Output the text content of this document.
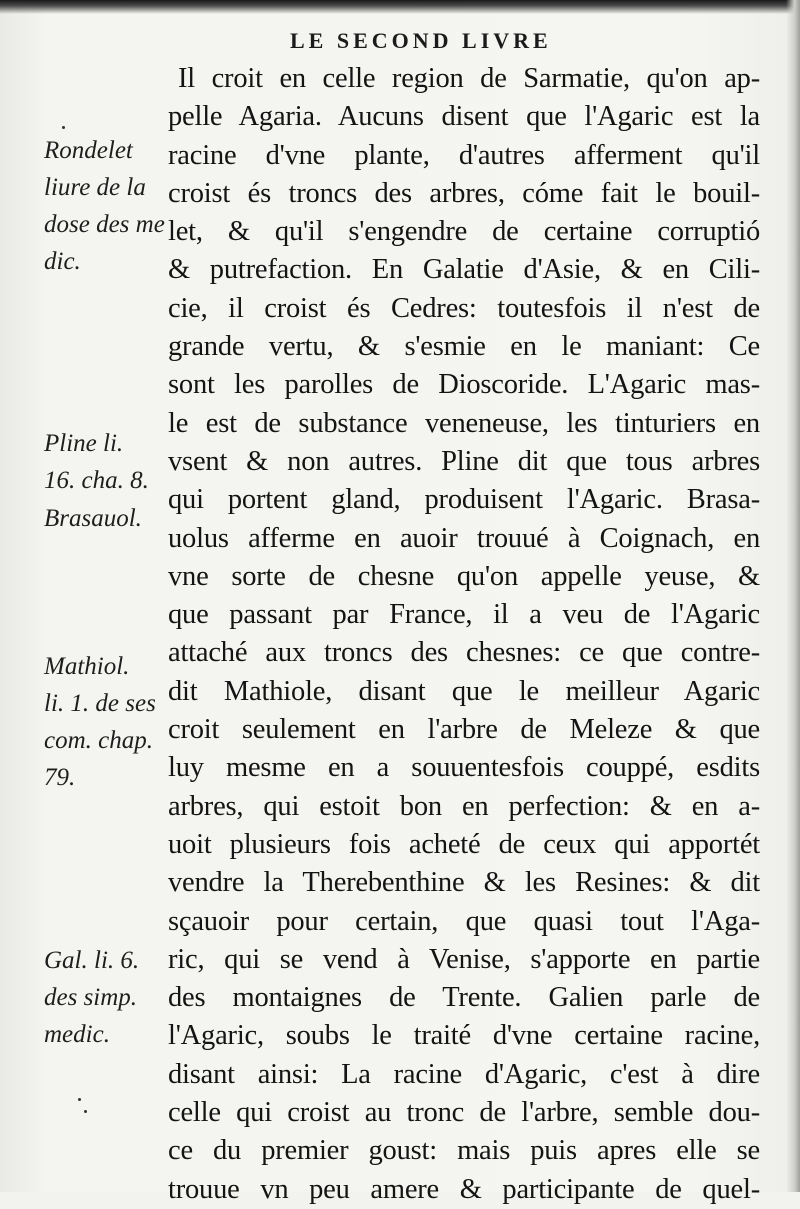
LE SECOND LIVRE
Il croit en celle region de Sarmatie, qu'on ap-
pelle Agaria. Aucuns disent que l'Agaric est la
racine d'vne plante, d'autres afferment qu'il
croist és troncs des arbres, cóme fait le bouil-
let, & qu'il s'engendre de certaine corruptió
& putrefaction. En Galatie d'Asie, & en Cili-
cie, il croist és Cedres: toutesfois il n'est de
grande vertu, & s'esmie en le maniant: Ce
sont les parolles de Dioscoride. L'Agaric mas-
le est de substance veneneuse, les tinturiers en
vsent & non autres. Pline dit que tous arbres
qui portent gland, produisent l'Agaric. Brasa-
uolus afferme en auoir trouué à Coignach, en
vne sorte de chesne qu'on appelle yeuse, &
que passant par France, il a veu de l'Agaric
attaché aux troncs des chesnes: ce que contre-
dit Mathiole, disant que le meilleur Agaric
croit seulement en l'arbre de Meleze & que
luy mesme en a souuentesfois couppé, esdits
arbres, qui estoit bon en perfection: & en a-
uoit plusieurs fois acheté de ceux qui apportét
vendre la Therebenthine & les Resines: & dit
sçauoir pour certain, que quasi tout l'Aga-
ric, qui se vend à Venise, s'apporte en partie
des montaignes de Trente. Galien parle de
l'Agaric, soubs le traité d'vne certaine racine,
disant ainsi: La racine d'Agaric, c'est à dire
celle qui croist au tronc de l'arbre, semble dou-
ce du premier goust: mais puis apres elle se
trouue vn peu amere & participante de quel-
Rondelet
liure de la
dose des me
dic.
Pline li.
16. cha. 8.
Brasauol.
Mathiol.
li. 1. de ses
com. chap.
79.
Gal. li. 6.
des simp.
medic.
